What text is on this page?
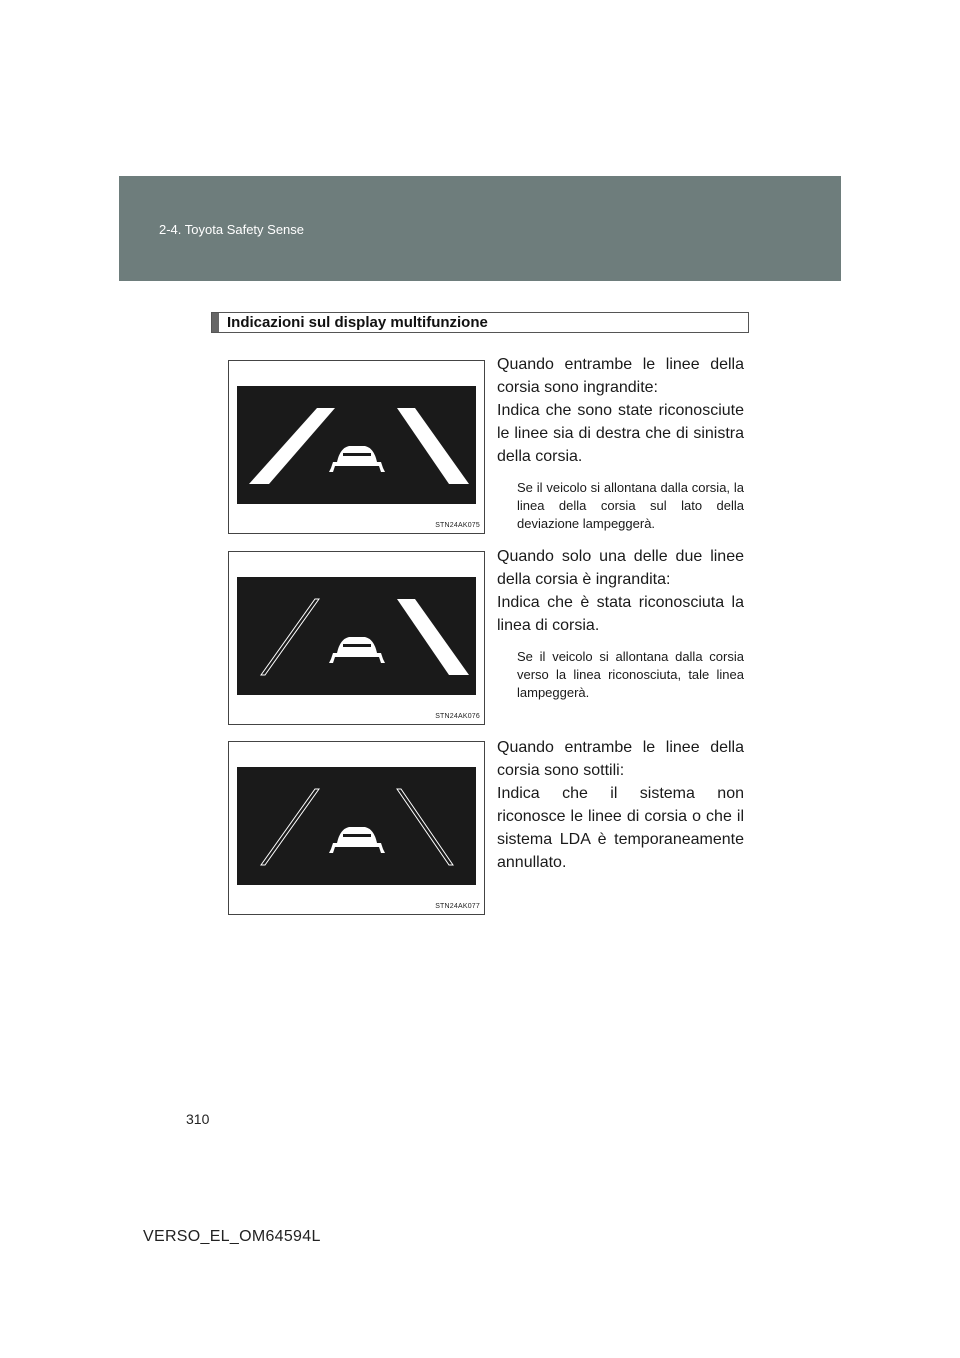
2-4. Toyota Safety Sense
Indicazioni sul display multifunzione
STN24AK075

Quando entrambe le linee della corsia sono ingrandite:

Indica che sono state riconosciute le linee sia di destra che di sinistra della corsia.

Se il veicolo si allontana dalla corsia, la linea della corsia sul lato della deviazione lampeggerà.
STN24AK076

Quando solo una delle due linee della corsia è ingrandita:

Indica che è stata riconosciuta la linea di corsia.

Se il veicolo si allontana dalla corsia verso la linea riconosciuta, tale linea lampeggerà.
STN24AK077

Quando entrambe le linee della corsia sono sottili:

Indica che il sistema non riconosce le linee di corsia o che il sistema LDA è temporaneamente annullato.

310
VERSO_EL_OM64594L
